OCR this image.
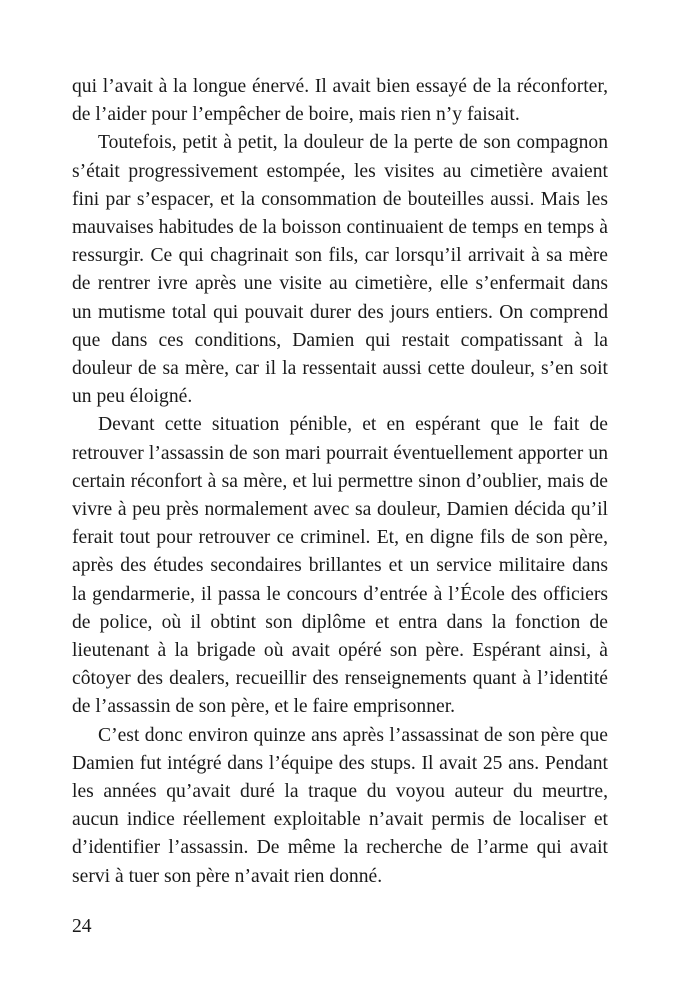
qui l’avait à la longue énervé. Il avait bien essayé de la réconforter, de l’aider pour l’empêcher de boire, mais rien n’y faisait.

Toutefois, petit à petit, la douleur de la perte de son compagnon s’était progressivement estompée, les visites au cimetière avaient fini par s’espacer, et la consommation de bouteilles aussi. Mais les mauvaises habitudes de la boisson continuaient de temps en temps à ressurgir. Ce qui chagrinait son fils, car lorsqu’il arrivait à sa mère de rentrer ivre après une visite au cimetière, elle s’enfermait dans un mutisme total qui pouvait durer des jours entiers. On comprend que dans ces conditions, Damien qui restait compatissant à la douleur de sa mère, car il la ressentait aussi cette douleur, s’en soit un peu éloigné.

Devant cette situation pénible, et en espérant que le fait de retrouver l’assassin de son mari pourrait éventuellement apporter un certain réconfort à sa mère, et lui permettre sinon d’oublier, mais de vivre à peu près normalement avec sa douleur, Damien décida qu’il ferait tout pour retrouver ce criminel. Et, en digne fils de son père, après des études secondaires brillantes et un service militaire dans la gendarmerie, il passa le concours d’entrée à l’École des officiers de police, où il obtint son diplôme et entra dans la fonction de lieutenant à la brigade où avait opéré son père. Espérant ainsi, à côtoyer des dealers, recueillir des renseignements quant à l’identité de l’assassin de son père, et le faire emprisonner.

C’est donc environ quinze ans après l’assassinat de son père que Damien fut intégré dans l’équipe des stups. Il avait 25 ans. Pendant les années qu’avait duré la traque du voyou auteur du meurtre, aucun indice réellement exploitable n’avait permis de localiser et d’identifier l’assassin. De même la recherche de l’arme qui avait servi à tuer son père n’avait rien donné.

24
